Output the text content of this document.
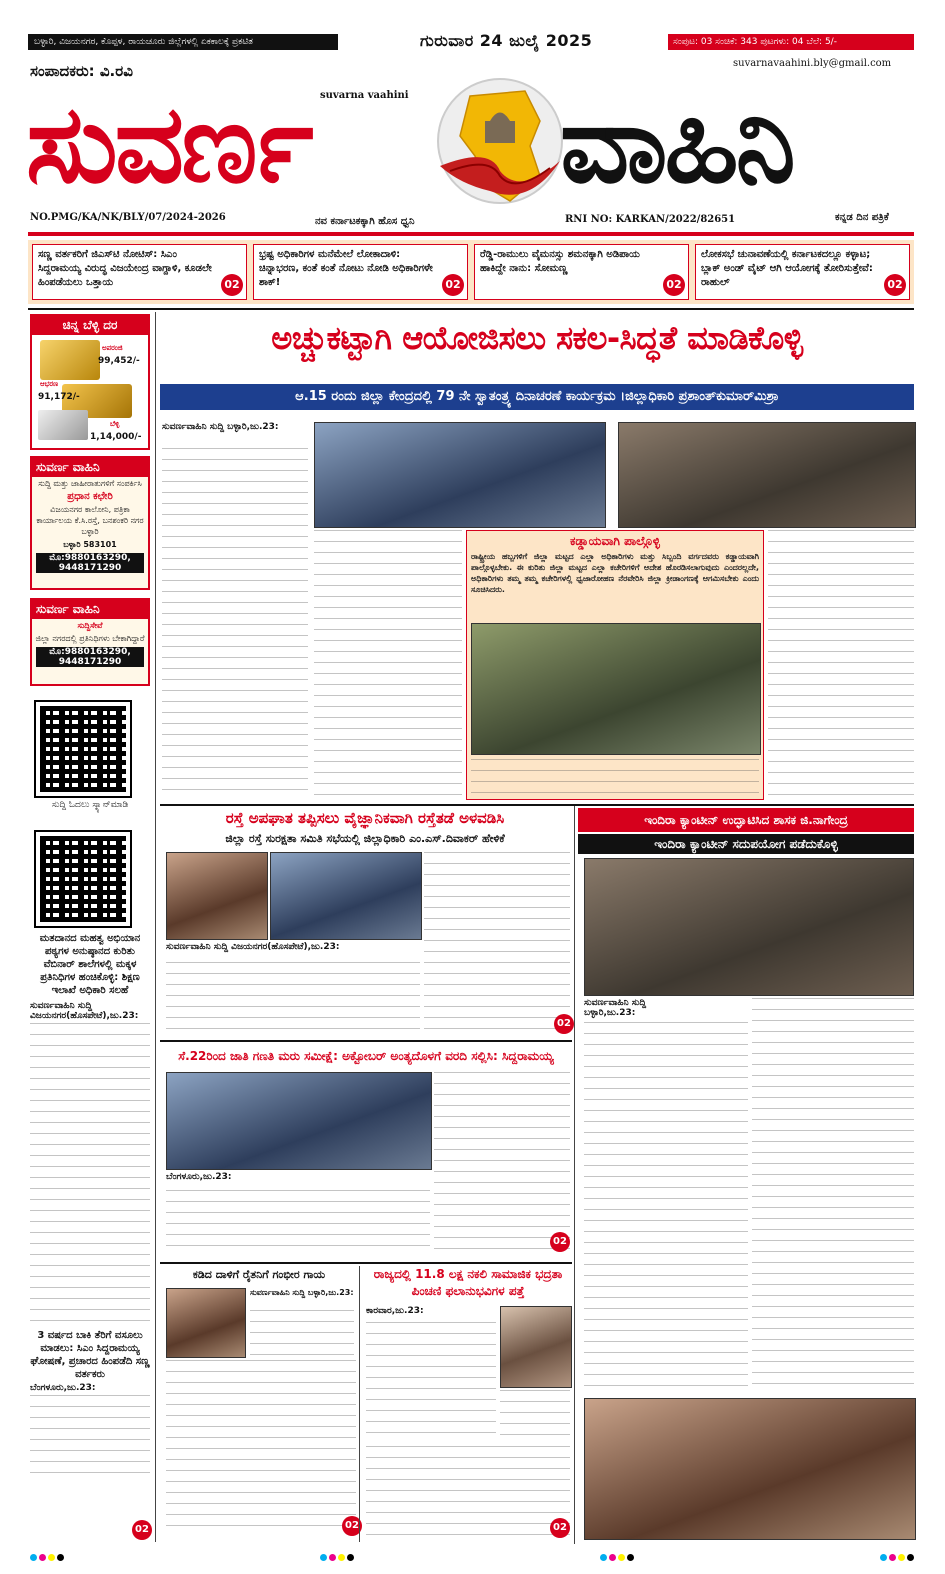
ಬಳ್ಳಾರಿ, ವಿಜಯನಗರ, ಕೊಪ್ಪಳ, ರಾಯಚೂರು ಜಿಲ್ಲೆಗಳಲ್ಲಿ ಏಕಕಾಲಕ್ಕೆ ಪ್ರಕಟಿತ	ಗುರುವಾರ 24 ಜುಲೈ 2025	ಸಂಪುಟ: 03 ಸಂಚಿಕೆ: 343 ಪುಟಗಳು: 04 ಬೆಲೆ: 5/-
ಸಂಪಾದಕರು: ವಿ.ರವಿ	suvarnavaahini.bly@gmail.com
suvarna vaahini
ಸುವರ್ಣ ವಾಹಿನಿ
NO.PMG/KA/NK/BLY/07/2024-2026	ನವ ಕರ್ನಾಟಕಕ್ಕಾಗಿ ಹೊಸ ಧ್ವನಿ	RNI NO: KARKAN/2022/82651	ಕನ್ನಡ ದಿನ ಪತ್ರಿಕೆ
ಸಣ್ಣ ವರ್ತಕರಿಗೆ ಜಿಎಸ್‌ಟಿ ನೋಟಿಸ್: ಸಿಎಂ ಸಿದ್ದರಾಮಯ್ಯ ವಿರುದ್ಧ ವಿಜಯೇಂದ್ರ ವಾಗ್ದಾಳಿ, ಕೂಡಲೇ ಹಿಂಪಡೆಯಲು ಒತ್ತಾಯ	02
ಭ್ರಷ್ಟ ಅಧಿಕಾರಿಗಳ ಮನೆಮೇಲೆ ಲೋಕಾದಾಳಿ: ಚಿನ್ನಾಭರಣ, ಕಂತೆ ಕಂತೆ ನೋಟು ನೋಡಿ ಅಧಿಕಾರಿಗಳೇ ಶಾಕ್!	02
ರೆಡ್ಡಿ-ರಾಮುಲು ವೈಮನಸ್ಸು ಶಮನಕ್ಕಾಗಿ ಅಡಿಪಾಯ ಹಾಕಿದ್ದೇ ನಾನು: ಸೋಮಣ್ಣ
02
ಲೋಕಸಭೆ ಚುನಾವಣೆಯಲ್ಲಿ ಕರ್ನಾಟಕದಲ್ಲೂ ಕಳ್ಳಾಟ; ಬ್ಲಾಕ್ ಅಂಡ್ ವೈಟ್ ಆಗಿ ಆಯೋಗಕ್ಕೆ ತೋರಿಸುತ್ತೇವೆ: ರಾಹುಲ್	02
ಚಿನ್ನ ಬೆಳ್ಳಿ ದರ
ಅಪರಂಜಿ
99,452/-
ಆಭರಣ
91,172/-
ಬೆಳ್ಳಿ
1,14,000/-
ಸುವರ್ಣ ವಾಹಿನಿ
ಸುದ್ದಿ ಮತ್ತು ಜಾಹೀರಾತುಗಳಿಗೆ ಸಂಪರ್ಕಿಸಿ
ಪ್ರಧಾನ ಕಛೇರಿ
ವಿಜಯನಗರ ಕಾಲೋನಿ, ಪತ್ರಿಕಾ ಕಾರ್ಯಾಲಯ ಕೆ.ಸಿ.ರಸ್ತೆ, ಬನಶಂಕರಿ ನಗರ ಬಳ್ಳಾರಿ
ಬಳ್ಳಾರಿ 583101
ಮೊ:9880163290, 9448171290
ಸುವರ್ಣ ವಾಹಿನಿ
ಸುದ್ದಿಸೇವೆ
ಜಿಲ್ಲಾ ನಗರದಲ್ಲಿ ಪ್ರತಿನಿಧಿಗಳು ಬೇಕಾಗಿದ್ದಾರೆ
ಮೊ:9880163290, 9448171290
ಸುದ್ದಿ ಓದಲು ಸ್ಕ್ಯಾನ್‌ಮಾಡಿ
ಮತದಾನದ ಮಹತ್ವ ಅಭಿಯಾನ ಪಠ್ಯಗಳ ಅನುಷ್ಠಾನದ ಕುರಿತು ವೆಬಿನಾರ್ ಶಾಲೆಗಳಲ್ಲಿ ಮಕ್ಕಳ ಪ್ರತಿನಿಧಿಗಳ ಹಂಚಿಕೊಳ್ಳಿ: ಶಿಕ್ಷಣ ಇಲಾಖೆ ಅಧಿಕಾರಿ ಸಲಹೆ
ಸುವರ್ಣವಾಹಿನಿ ಸುದ್ದಿ ವಿಜಯನಗರ(ಹೊಸಪೇಟೆ),ಜು.23:
3 ವರ್ಷದ ಬಾಕಿ ತೆರಿಗೆ ವಸೂಲು ಮಾಡಲು: ಸಿಎಂ ಸಿದ್ದರಾಮಯ್ಯ ಘೋಷಣೆ, ಪ್ರಚಾರದ ಹಿಂಪಡೆದಿ ಸಣ್ಣ ವರ್ತಕರು
ಬೆಂಗಳೂರು,ಜು.23:
02
ಅಚ್ಚುಕಟ್ಟಾಗಿ ಆಯೋಜಿಸಲು ಸಕಲ-ಸಿದ್ಧತೆ ಮಾಡಿಕೊಳ್ಳಿ
ಆ.15 ರಂದು ಜಿಲ್ಲಾ ಕೇಂದ್ರದಲ್ಲಿ 79 ನೇ ಸ್ವಾತಂತ್ರ್ಯ ದಿನಾಚರಣೆ ಕಾರ್ಯಕ್ರಮ ।ಜಿಲ್ಲಾಧಿಕಾರಿ ಪ್ರಶಾಂತ್‌ಕುಮಾರ್‌ಮಿಶ್ರಾ
ಸುವರ್ಣವಾಹಿನಿ ಸುದ್ದಿ ಬಳ್ಳಾರಿ,ಜು.23:
ಕಡ್ಡಾಯವಾಗಿ ಪಾಲ್ಗೊಳ್ಳಿ
ರಾಷ್ಟ್ರೀಯ ಹಬ್ಬಗಳಿಗೆ ಜಿಲ್ಲಾ ಮಟ್ಟದ ಎಲ್ಲಾ ಅಧಿಕಾರಿಗಳು ಮತ್ತು ಸಿಬ್ಬಂದಿ ವರ್ಗದವರು ಕಡ್ಡಾಯವಾಗಿ ಪಾಲ್ಗೊಳ್ಳಬೇಕು. ಈ ಕುರಿತು ಜಿಲ್ಲಾ ಮಟ್ಟದ ಎಲ್ಲಾ ಕಚೇರಿಗಳಿಗೆ ಆದೇಶ ಹೊರಡಿಸಲಾಗುವುದು ಎಂದರಲ್ಲದೇ, ಅಧಿಕಾರಿಗಳು ತಮ್ಮ ತಮ್ಮ ಕಚೇರಿಗಳಲ್ಲಿ ಧ್ವಜಾರೋಹಣ ನೆರವೇರಿಸಿ ಜಿಲ್ಲಾ ಕ್ರೀಡಾಂಗಣಕ್ಕೆ ಆಗಮಿಸಬೇಕು ಎಂದು ಸೂಚಿಸಿದರು.
ರಸ್ತೆ ಅಪಘಾತ ತಪ್ಪಿಸಲು ವೈಜ್ಞಾನಿಕವಾಗಿ ರಸ್ತೆತಡೆ ಅಳವಡಿಸಿ
ಜಿಲ್ಲಾ ರಸ್ತೆ ಸುರಕ್ಷತಾ ಸಮಿತಿ ಸಭೆಯಲ್ಲಿ ಜಿಲ್ಲಾಧಿಕಾರಿ ಎಂ.ಎಸ್.ದಿವಾಕರ್ ಹೇಳಿಕೆ
ಸುವರ್ಣವಾಹಿನಿ ಸುದ್ದಿ ವಿಜಯನಗರ(ಹೊಸಪೇಟೆ),ಜು.23:
02
ಇಂದಿರಾ ಕ್ಯಾಂಟೀನ್ ಉದ್ಘಾಟಿಸಿದ ಶಾಸಕ ಜಿ.ನಾಗೇಂದ್ರ
ಇಂದಿರಾ ಕ್ಯಾಂಟೀನ್ ಸದುಪಯೋಗ ಪಡೆದುಕೊಳ್ಳಿ
ಸುವರ್ಣವಾಹಿನಿ ಸುದ್ದಿ ಬಳ್ಳಾರಿ,ಜು.23:
ಸೆ.22ರಿಂದ ಜಾತಿ ಗಣತಿ ಮರು ಸಮೀಕ್ಷೆ: ಅಕ್ಟೋಬರ್ ಅಂತ್ಯದೊಳಗೆ ವರದಿ ಸಲ್ಲಿಸಿ: ಸಿದ್ದರಾಮಯ್ಯ
ಬೆಂಗಳೂರು,ಜು.23:
02
ಕಡಿದ ದಾಳಿಗೆ ರೈತನಿಗೆ ಗಂಭೀರ ಗಾಯ
ಸುವರ್ಣವಾಹಿನಿ ಸುದ್ದಿ ಬಳ್ಳಾರಿ,ಜು.23:
02
ರಾಜ್ಯದಲ್ಲಿ 11.8 ಲಕ್ಷ ನಕಲಿ ಸಾಮಾಜಿಕ ಭದ್ರತಾ ಪಿಂಚಣಿ ಫಲಾನುಭವಿಗಳ ಪತ್ತೆ
ಕಾರವಾರ,ಜು.23:
02
